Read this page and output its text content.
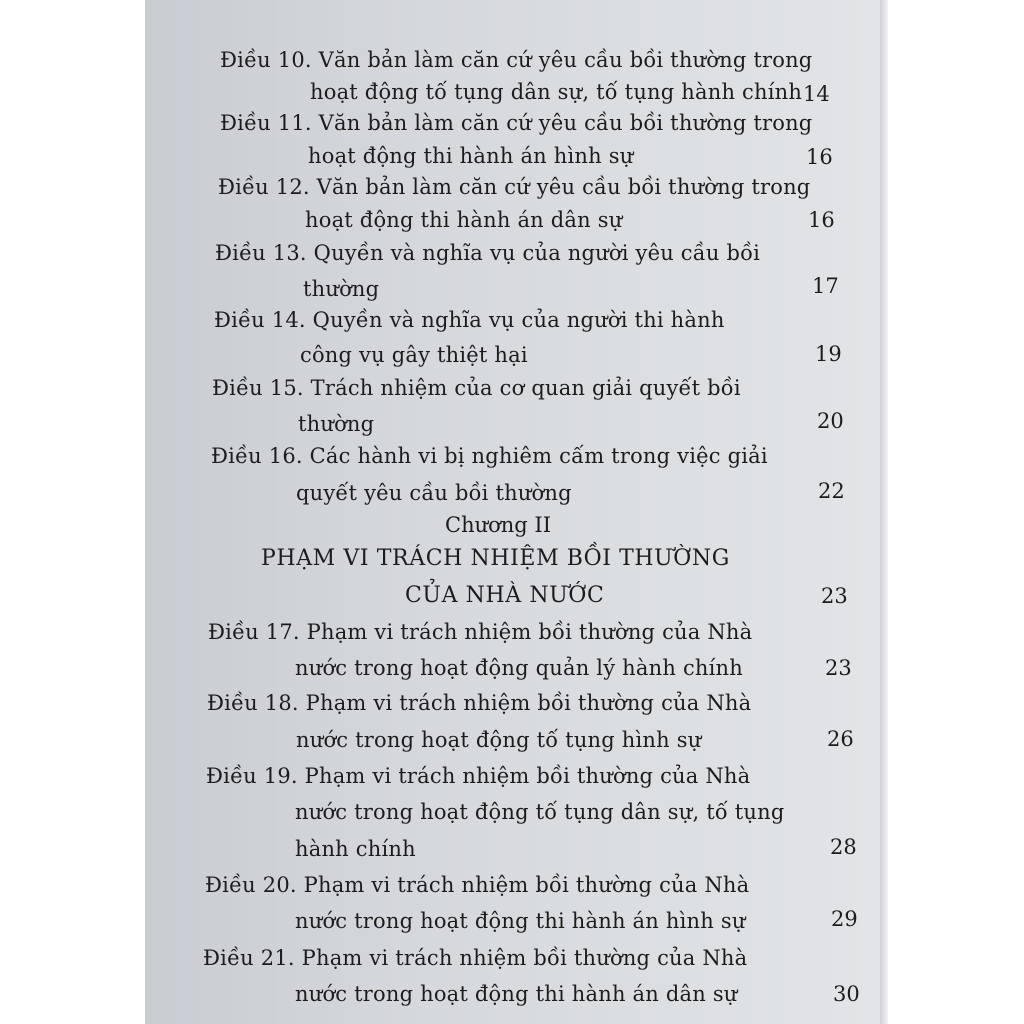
Điều 10. Văn bản làm căn cứ yêu cầu bồi thường trong
hoạt động tố tụng dân sự, tố tụng hành chính 14
Điều 11. Văn bản làm căn cứ yêu cầu bồi thường trong
hoạt động thi hành án hình sự	16
Điều 12. Văn bản làm căn cứ yêu cầu bồi thường trong
hoạt động thi hành án dân sự	16
Điều 13. Quyền và nghĩa vụ của người yêu cầu bồi
thường	17
Điều 14. Quyền và nghĩa vụ của người thi hành
công vụ gây thiệt hại	19
Điều 15. Trách nhiệm của cơ quan giải quyết bồi
thường	20
Điều 16. Các hành vi bị nghiêm cấm trong việc giải
quyết yêu cầu bồi thường	22
Chương II
PHẠM VI TRÁCH NHIỆM BỒI THƯỜNG
CỦA NHÀ NƯỚC	23
Điều 17. Phạm vi trách nhiệm bồi thường của Nhà
nước trong hoạt động quản lý hành chính	23
Điều 18. Phạm vi trách nhiệm bồi thường của Nhà
nước trong hoạt động tố tụng hình sự	26
Điều 19. Phạm vi trách nhiệm bồi thường của Nhà
nước trong hoạt động tố tụng dân sự, tố tụng
hành chính	28
Điều 20. Phạm vi trách nhiệm bồi thường của Nhà
nước trong hoạt động thi hành án hình sự	29
Điều 21. Phạm vi trách nhiệm bồi thường của Nhà
nước trong hoạt động thi hành án dân sự	30
